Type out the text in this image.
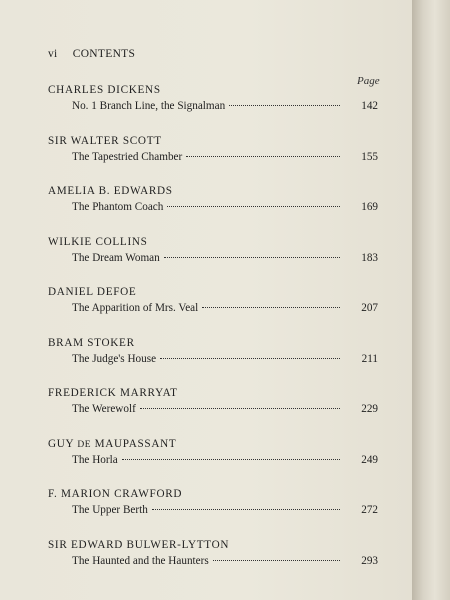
vi CONTENTS
Page
CHARLES DICKENS
No. 1 Branch Line, the Signalman	142
SIR WALTER SCOTT
The Tapestried Chamber	155
AMELIA B. EDWARDS
The Phantom Coach	169
WILKIE COLLINS
The Dream Woman	183
DANIEL DEFOE
The Apparition of Mrs. Veal	207
BRAM STOKER
The Judge's House	211
FREDERICK MARRYAT
The Werewolf	229
GUY DE MAUPASSANT
The Horla	249
F. MARION CRAWFORD
The Upper Berth	272
SIR EDWARD BULWER-LYTTON
The Haunted and the Haunters	293
